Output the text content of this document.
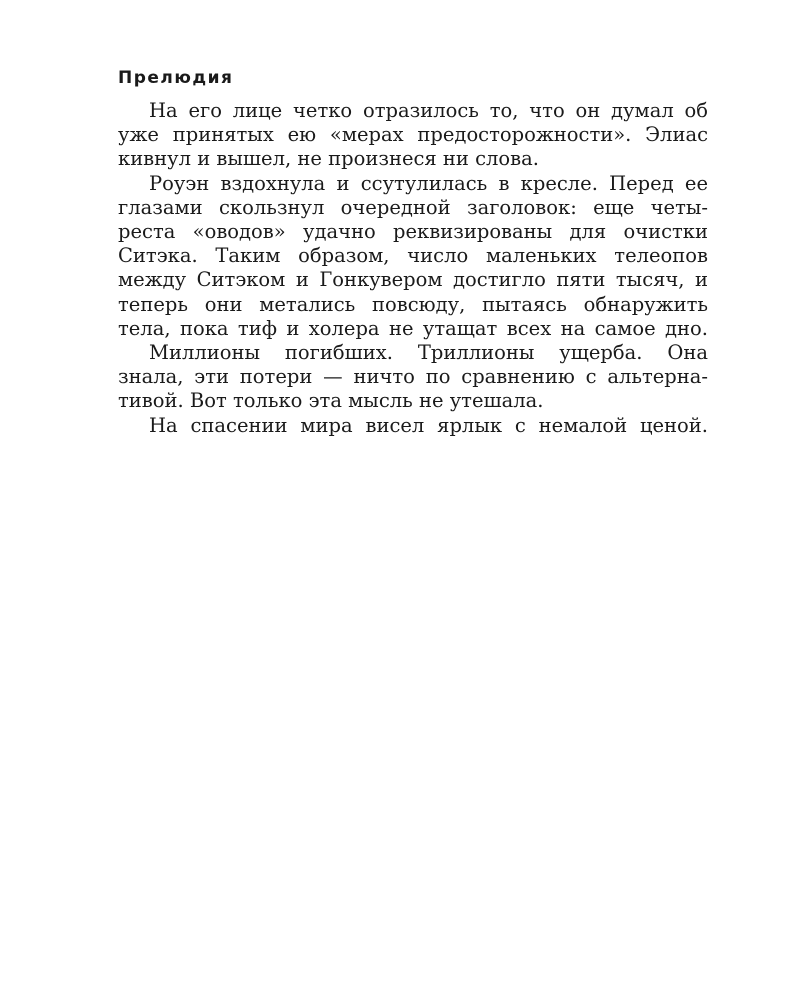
Прелюдия
На его лице четко отразилось то, что он думал об
уже принятых ею «мерах предосторожности». Элиас
кивнул и вышел, не произнеся ни слова.
Роуэн вздохнула и ссутулилась в кресле. Перед ее
глазами скользнул очередной заголовок: еще четы-
реста «оводов» удачно реквизированы для очистки
Ситэка. Таким образом, число маленьких телеопов
между Ситэком и Гонкувером достигло пяти тысяч, и
теперь они метались повсюду, пытаясь обнаружить
тела, пока тиф и холера не утащат всех на самое дно.
Миллионы погибших. Триллионы ущерба. Она
знала, эти потери — ничто по сравнению с альтерна-
тивой. Вот только эта мысль не утешала.
На спасении мира висел ярлык с немалой ценой.
